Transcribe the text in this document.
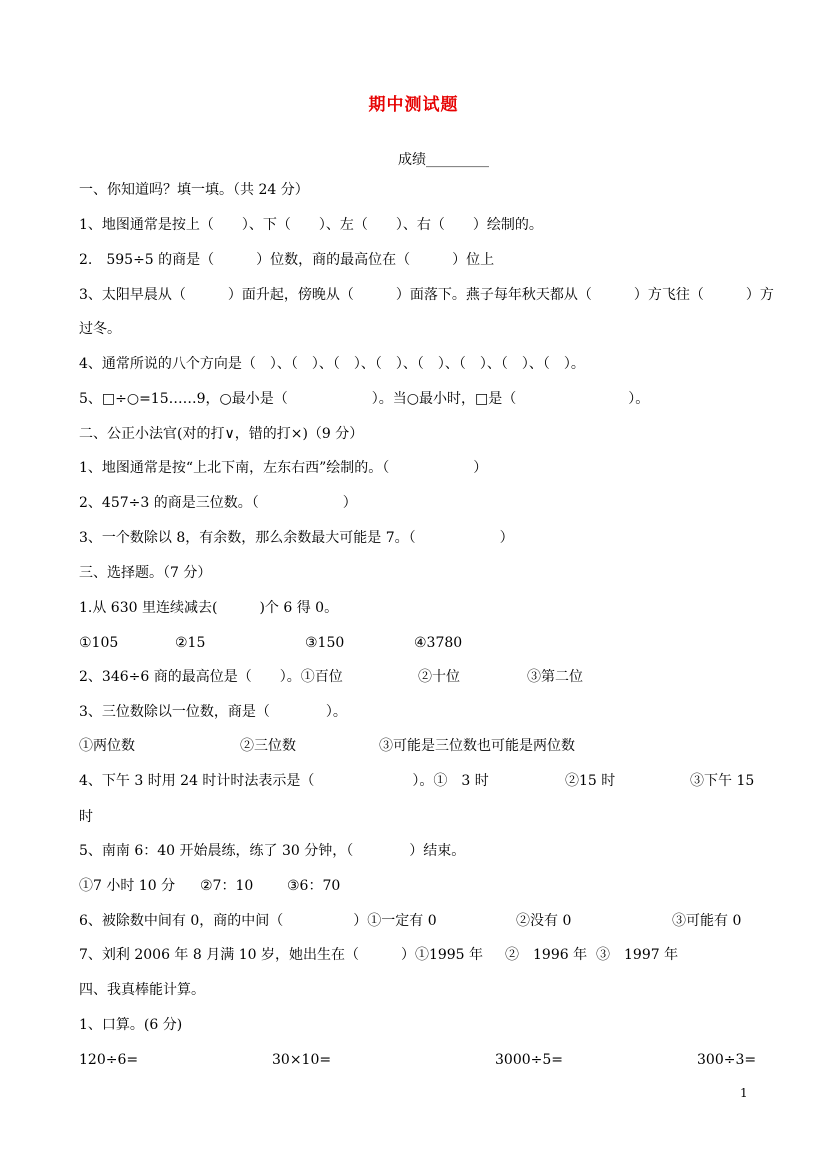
期中测试题
成绩_________
一、你知道吗？填一填。（共 24 分）
1、地图通常是按上（　　）、下（　　）、左（　　）、右（　　）绘制的。
2.　595÷5 的商是（　　　）位数，商的最高位在（　　　）位上
3、太阳早晨从（　　　）面升起，傍晚从（　　　）面落下。燕子每年秋天都从（　　　）方飞往（　　　）方
过冬。
4、通常所说的八个方向是（　）、（　）、（　）、（　）、（　）、（　）、（　）、（　）。
5、□÷○=15……9，○最小是（　　　　　　）。当○最小时，□是（　　　　　　　　）。
二、公正小法官(对的打∨，错的打×)（9 分）
1、地图通常是按“上北下南，左东右西”绘制的。（　　　　　　）
2、457÷3 的商是三位数。（　　　　　　）
3、一个数除以 8，有余数，那么余数最大可能是 7。（　　　　　　）
三、选择题。（7 分）
1.从 630 里连续减去(　　　)个 6 得 0。
①105	②15	③150	④3780
2、346÷6 商的最高位是（　　）。①百位	②十位	③第二位
3、三位数除以一位数，商是（　　　　）。
①两位数	②三位数	③可能是三位数也可能是两位数
4、下午 3 时用 24 时计时法表示是（　　　　　　　）。①　3 时	②15 时	③下午 15
时
5、南南 6：40 开始晨练，练了 30 分钟，（　　　　）结束。
①7 小时 10 分 ②7：10 ③6：70
6、被除数中间有 0，商的中间（　　　　　）①一定有 0	②没有 0	③可能有 0
7、刘利 2006 年 8 月满 10 岁，她出生在（　　　）①1995 年 ②　1996 年 ③　1997 年
四、我真棒能计算。
1、口算。(6 分)
120÷6=	30×10=	3000÷5=	300÷3=
1
